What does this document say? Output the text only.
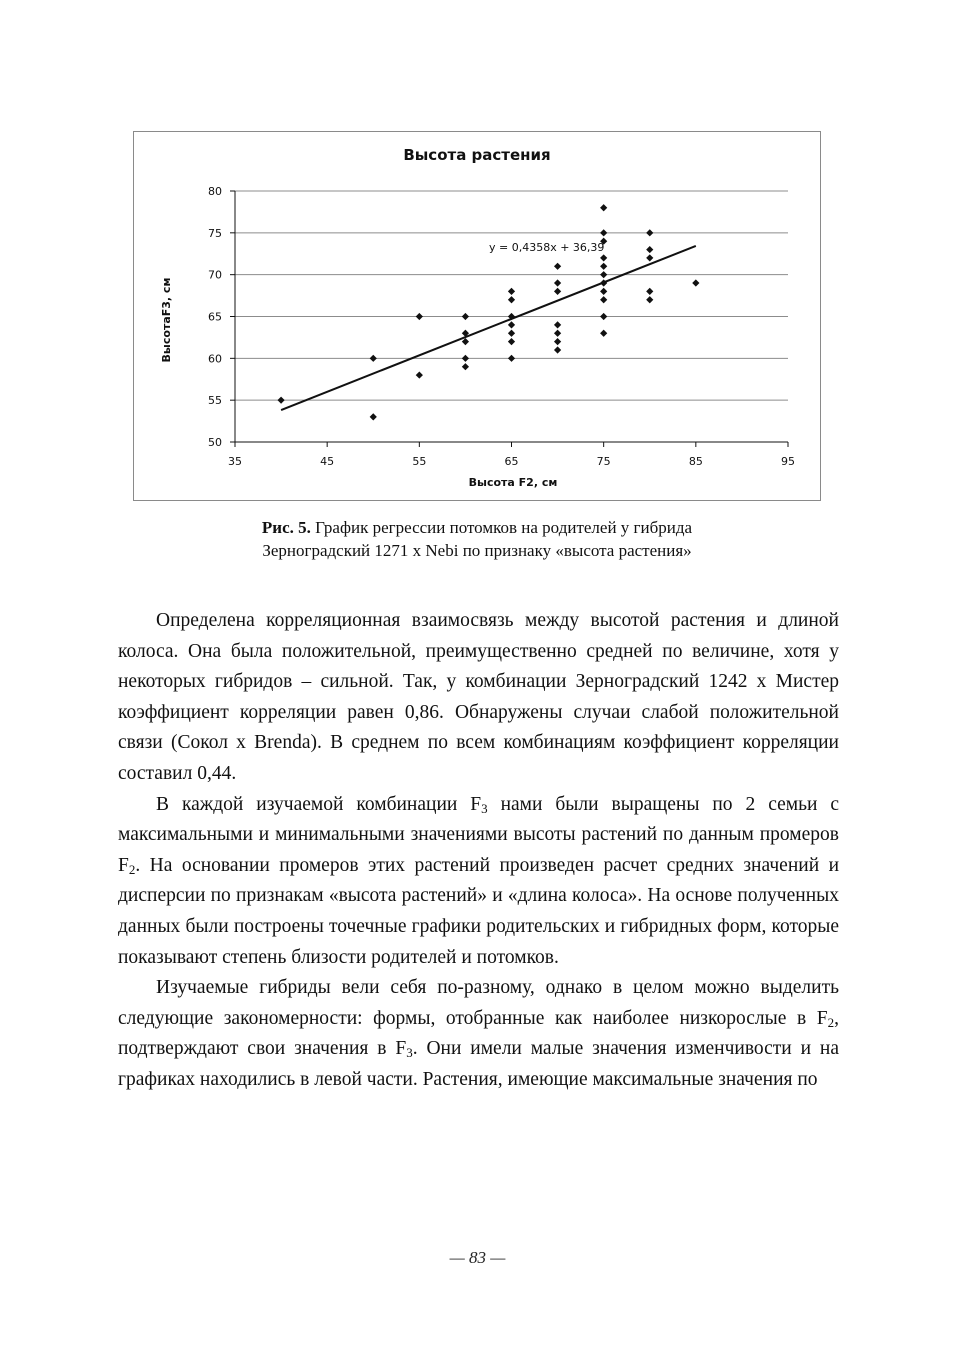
Высота растения
50
55
60
65
70
75
80
35	45	55	65	75	85	95
y = 0,4358x + 36,39
Высота F2, см
ВысотаF3, см
Рис. 5. График регрессии потомков на родителей у гибрида
Зерноградский 1271 x Nebi по признаку «высота растения»

Определена корреляционная взаимосвязь между высотой растения и длиной колоса. Она была положительной, преимущественно средней по величине, хотя у некоторых гибридов – сильной. Так, у комбинации Зерноградский 1242 x Мистер коэффициент корреляции равен 0,86. Обнаружены случаи слабой положительной связи (Сокол x Brenda). В среднем по всем комбинациям коэффициент корреляции составил 0,44.

В каждой изучаемой комбинации $F_3$ нами были выращены по 2 семьи с максимальными и минимальными значениями высоты растений по данным промеров $F_2$. На основании промеров этих растений произведен расчет средних значений и дисперсии по признакам «высота растений» и «длина колоса». На основе полученных данных были построены точечные графики родительских и гибридных форм, которые показывают степень близости родителей и потомков.

Изучаемые гибриды вели себя по-разному, однако в целом можно выделить следующие закономерности: формы, отобранные как наиболее низкорослые в $F_2$, подтверждают свои значения в $F_3$. Они имели малые значения изменчивости и на графиках находились в левой части. Растения, имеющие максимальные значения по

— 83 —
